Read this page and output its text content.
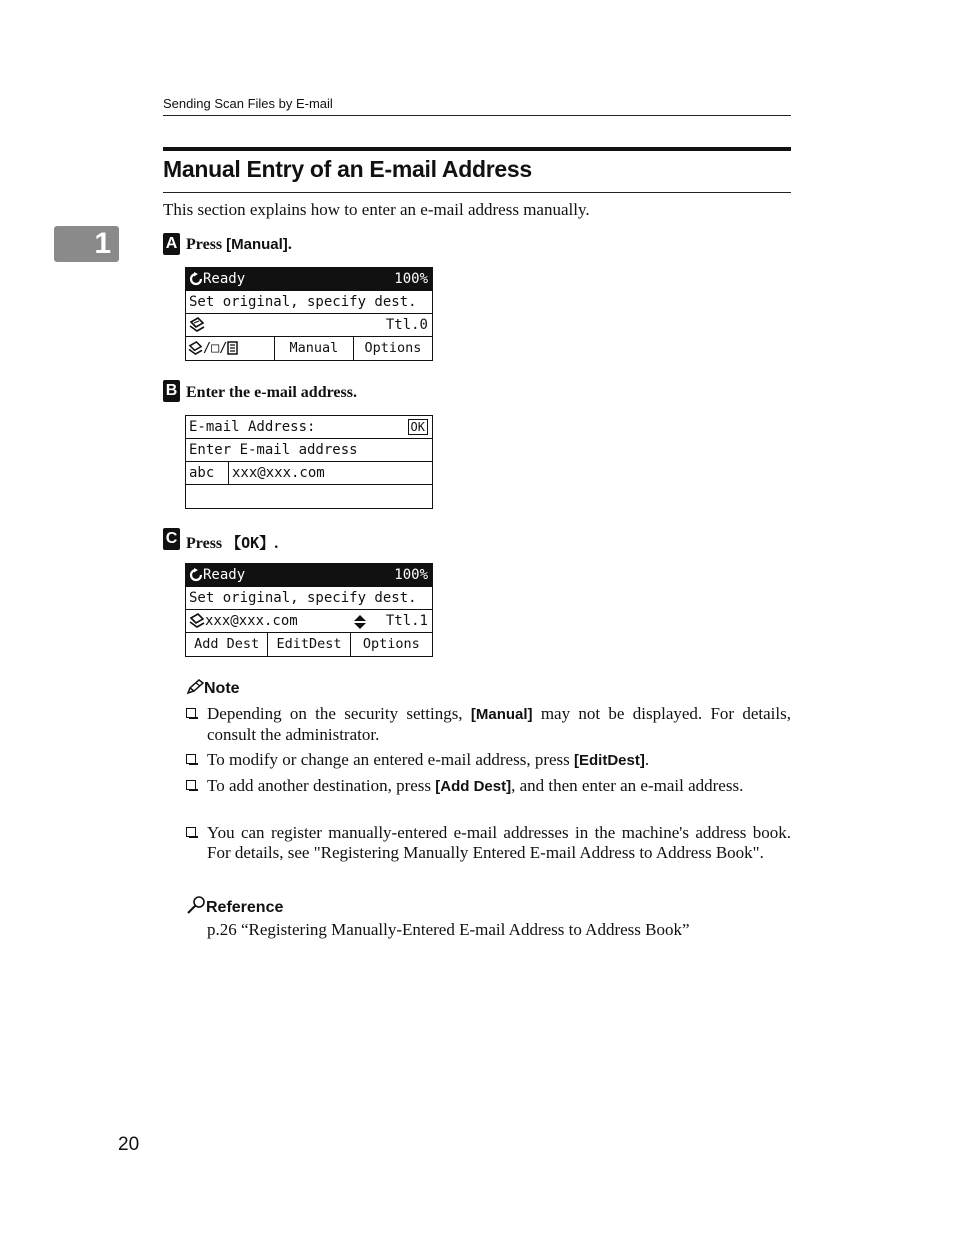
Sending Scan Files by E-mail
Manual Entry of an E-mail Address
This section explains how to enter an e-mail address manually.
1	A Press [Manual].
Ready	100%
Set original, specify dest.
Ttl.0
/□/	Manual	Options
B Enter the e-mail address.
E-mail Address:	OK
Enter E-mail address
abc xxx@xxx.com
C Press 【OK】.
Ready	100%
Set original, specify dest.
xxx@xxx.com	Ttl.1
Add Dest	EditDest	Options
Note
Depending on the security settings, [Manual] may not be displayed. For details, consult the administrator.
To modify or change an entered e-mail address, press [EditDest].
To add another destination, press [Add Dest], and then enter an e-mail address.
You can register manually-entered e-mail addresses in the machine's address book. For details, see "Registering Manually Entered E-mail Address to Address Book".
Reference
p.26 “Registering Manually-Entered E-mail Address to Address Book”
20
